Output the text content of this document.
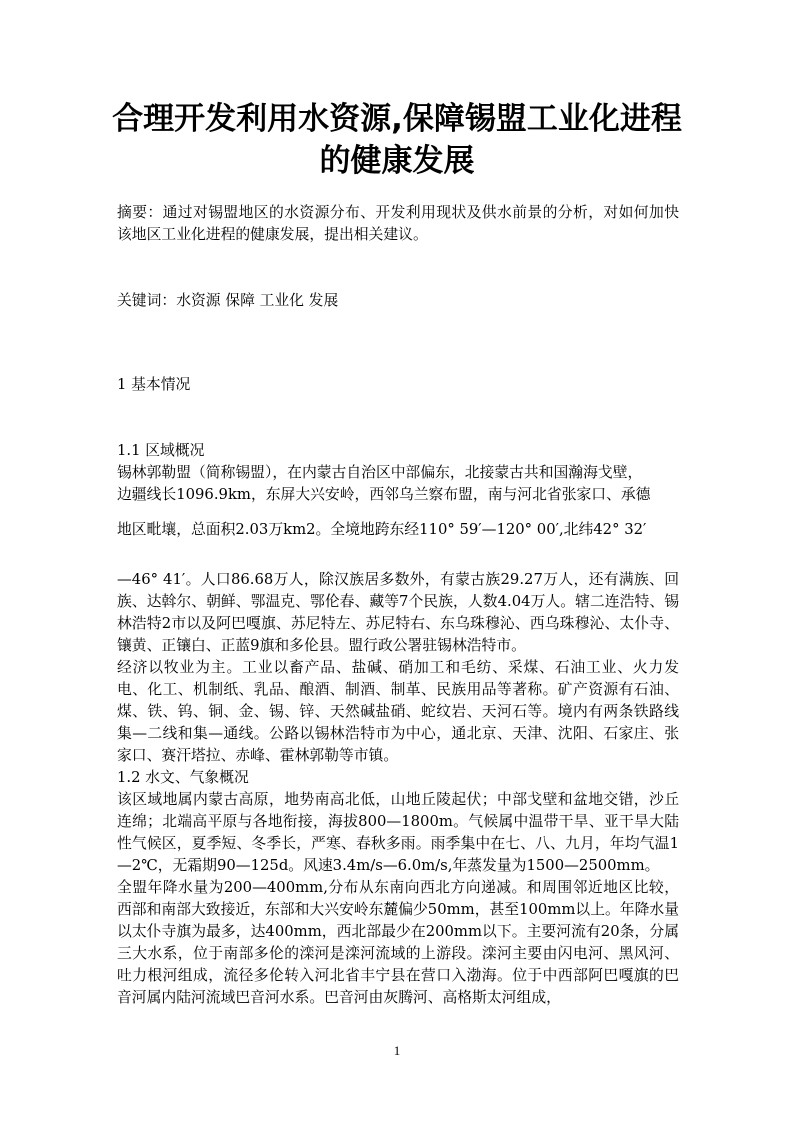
合理开发利用水资源,保障锡盟工业化进程的健康发展

摘要：通过对锡盟地区的水资源分布、开发利用现状及供水前景的分析，对如何加快该地区工业化进程的健康发展，提出相关建议。

关键词：水资源 保障 工业化 发展

1 基本情况

1.1 区域概况

锡林郭勒盟（简称锡盟），在内蒙古自治区中部偏东，北接蒙古共和国瀚海戈壁，
边疆线长1096.9km，东屏大兴安岭，西邻乌兰察布盟，南与河北省张家口、承德

地区毗壤，总面积2.03万km2。全境地跨东经110° 59′—120° 00′,北纬42° 32′

—46° 41′。人口86.68万人，除汉族居多数外，有蒙古族29.27万人，还有满族、回族、达斡尔、朝鲜、鄂温克、鄂伦春、藏等7个民族，人数4.04万人。辖二连浩特、锡林浩特2市以及阿巴嘎旗、苏尼特左、苏尼特右、东乌珠穆沁、西乌珠穆沁、太仆寺、镶黄、正镶白、正蓝9旗和多伦县。盟行政公署驻锡林浩特市。

经济以牧业为主。工业以畜产品、盐碱、硝加工和毛纺、采煤、石油工业、火力发电、化工、机制纸、乳品、酿酒、制酒、制革、民族用品等著称。矿产资源有石油、煤、铁、钨、铜、金、锡、锌、天然碱盐硝、蛇纹岩、天河石等。境内有两条铁路线集—二线和集—通线。公路以锡林浩特市为中心，通北京、天津、沈阳、石家庄、张家口、赛汗塔拉、赤峰、霍林郭勒等市镇。

1.2 水文、气象概况

该区域地属内蒙古高原，地势南高北低，山地丘陵起伏；中部戈壁和盆地交错，沙丘连绵；北端高平原与各地衔接，海拔800—1800m。气候属中温带干旱、亚干旱大陆性气候区，夏季短、冬季长，严寒、春秋多雨。雨季集中在七、八、九月，年均气温1—2℃，无霜期90—125d。风速3.4m/s—6.0m/s,年蒸发量为1500—2500mm。

全盟年降水量为200—400mm,分布从东南向西北方向递减。和周围邻近地区比较，西部和南部大致接近，东部和大兴安岭东麓偏少50mm，甚至100mm以上。年降水量以太仆寺旗为最多，达400mm，西北部最少在200mm以下。主要河流有20条，分属三大水系，位于南部多伦的滦河是滦河流域的上游段。滦河主要由闪电河、黑风河、吐力根河组成，流径多伦转入河北省丰宁县在营口入渤海。位于中西部阿巴嘎旗的巴音河属内陆河流域巴音河水系。巴音河由灰腾河、高格斯太河组成，

1
